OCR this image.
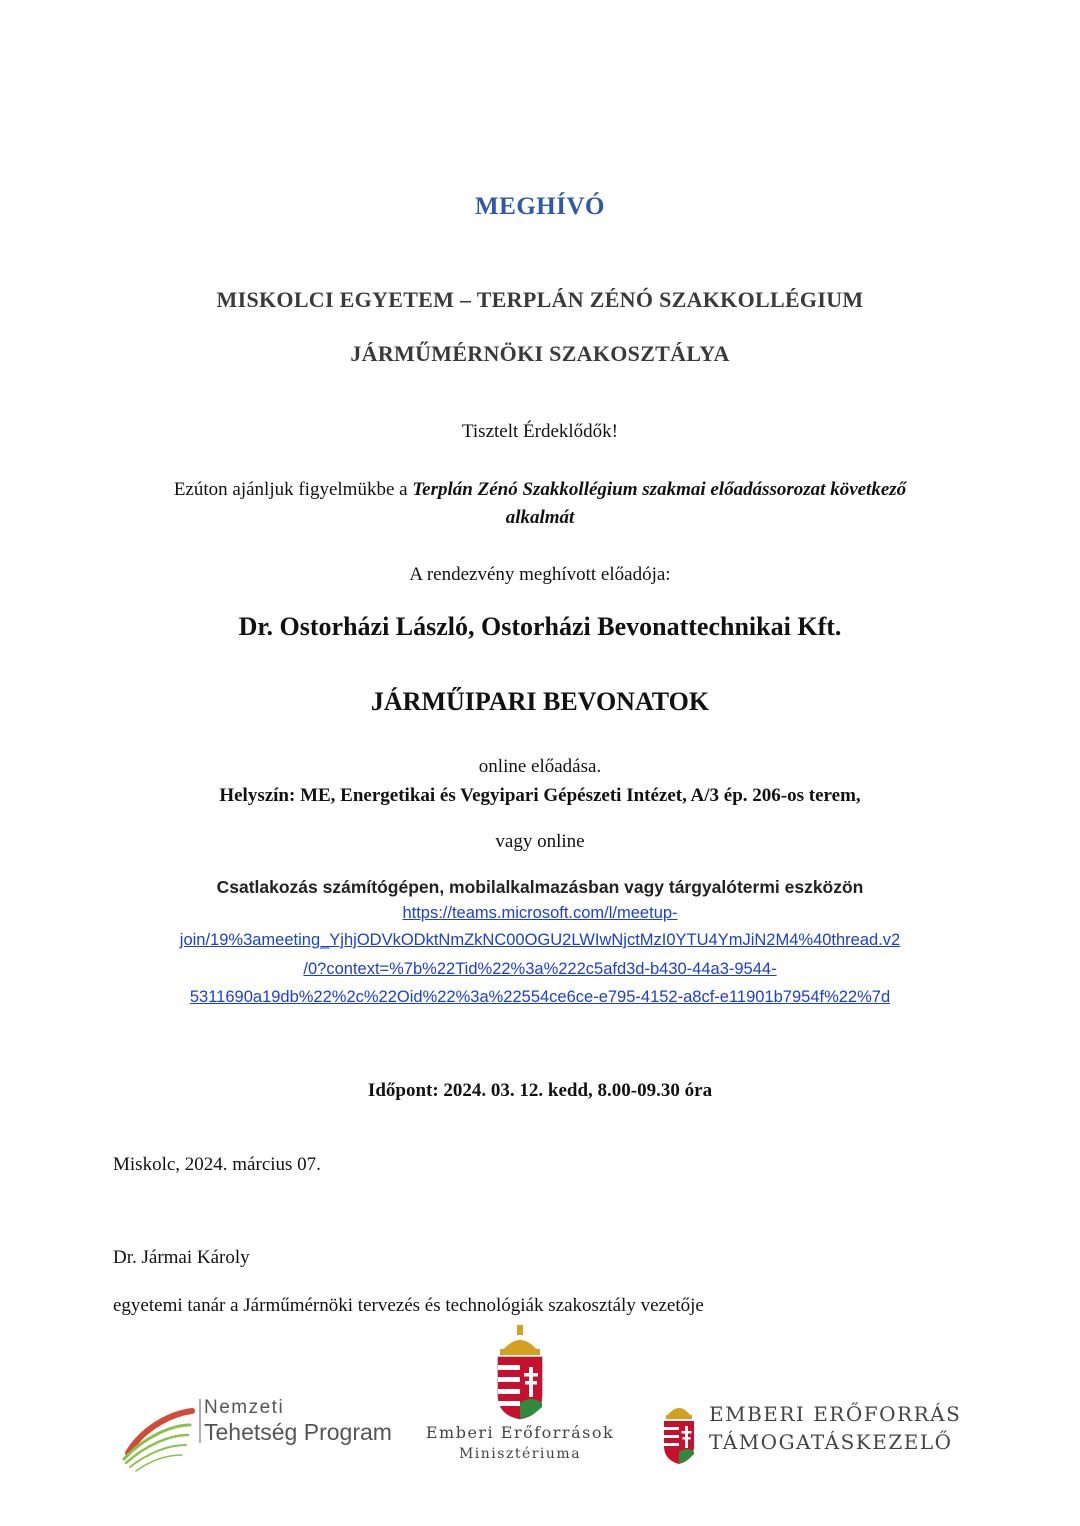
MEGHÍVÓ
MISKOLCI EGYETEM – TERPLÁN ZÉNÓ SZAKKOLLÉGIUM
JÁRMŰMÉRNÖKI SZAKOSZTÁLYA
Tisztelt Érdeklődők!
Ezúton ajánljuk figyelmükbe a Terplán Zénó Szakkollégium szakmai előadássorozat következő
alkalmát
A rendezvény meghívott előadója:
Dr. Ostorházi László, Ostorházi Bevonattechnikai Kft.
JÁRMŰIPARI BEVONATOK
online előadása.
Helyszín: ME, Energetikai és Vegyipari Gépészeti Intézet, A/3 ép. 206-os terem,
vagy online
Csatlakozás számítógépen, mobilalkalmazásban vagy tárgyalótermi eszközön
https://teams.microsoft.com/l/meetup-
join/19%3ameeting_YjhjODVkODktNmZkNC00OGU2LWIwNjctMzI0YTU4YmJiN2M4%40thread.v2
/0?context=%7b%22Tid%22%3a%222c5afd3d-b430-44a3-9544-
5311690a19db%22%2c%22Oid%22%3a%22554ce6ce-e795-4152-a8cf-e11901b7954f%22%7d
Időpont: 2024. 03. 12. kedd, 8.00-09.30 óra
Miskolc, 2024. március 07.
Dr. Jármai Károly
egyetemi tanár a Járműmérnöki tervezés és technológiák szakosztály vezetője
Nemzeti
Tehetség Program	Emberi Erőforrások
Minisztériuma
EMBERI ERŐFORRÁS
TÁMOGATÁSKEZELŐ
